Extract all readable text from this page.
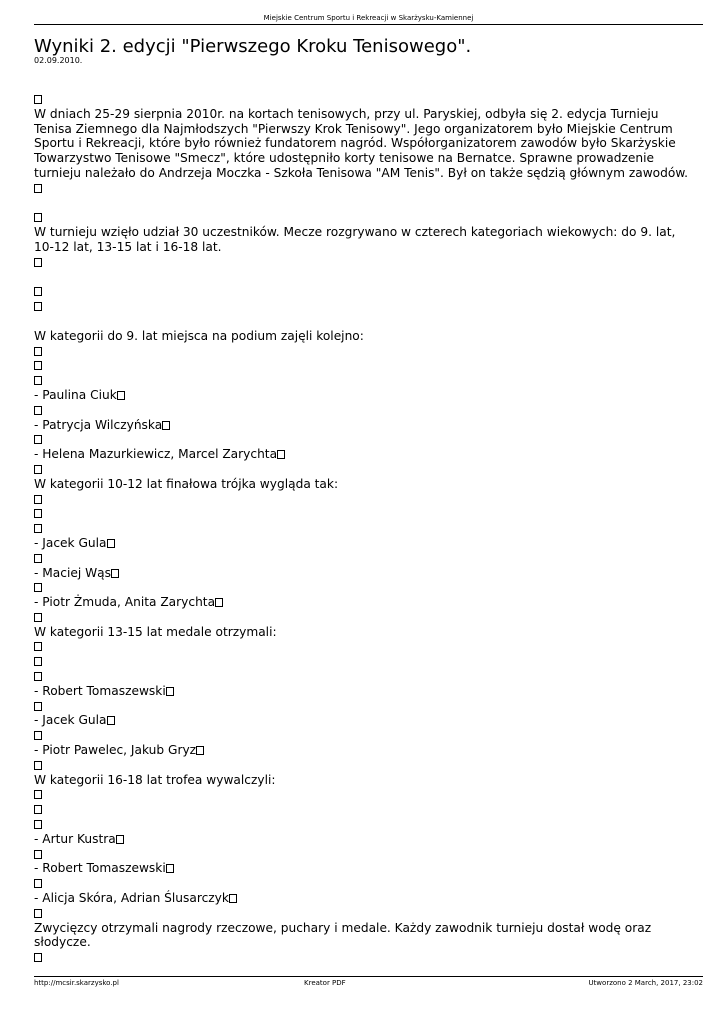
Miejskie Centrum Sportu i Rekreacji w Skarżysku-Kamiennej
Wyniki 2. edycji "Pierwszego Kroku Tenisowego".
02.09.2010.
W dniach 25-29 sierpnia 2010r. na kortach tenisowych, przy ul. Paryskiej, odbyła się 2. edycja Turnieju Tenisa Ziemnego dla Najmłodszych "Pierwszy Krok Tenisowy". Jego organizatorem było Miejskie Centrum Sportu i Rekreacji, które było również fundatorem nagród. Współorganizatorem zawodów było Skarżyskie Towarzystwo Tenisowe "Smecz", które udostępniło korty tenisowe na Bernatce. Sprawne prowadzenie turnieju należało do Andrzeja Moczka - Szkoła Tenisowa "AM Tenis". Był on także sędzią głównym zawodów.
W turnieju wzięło udział 30 uczestników. Mecze rozgrywano w czterech kategoriach wiekowych: do 9. lat, 10-12 lat, 13-15 lat i 16-18 lat.
W kategorii do 9. lat miejsca na podium zajęli kolejno:
- Paulina Ciuk
- Patrycja Wilczyńska
- Helena Mazurkiewicz, Marcel Zarychta
W kategorii 10-12 lat finałowa trójka wygląda tak:
- Jacek Gula
- Maciej Wąs
- Piotr Żmuda, Anita Zarychta
W kategorii 13-15 lat medale otrzymali:
- Robert Tomaszewski
- Jacek Gula
- Piotr Pawelec, Jakub Gryz
W kategorii 16-18 lat trofea wywalczyli:
- Artur Kustra
- Robert Tomaszewski
- Alicja Skóra, Adrian Ślusarczyk
Zwycięzcy otrzymali nagrody rzeczowe, puchary i medale. Każdy zawodnik turnieju dostał wodę oraz słodycze.
http://mcsir.skarzysko.pl	Kreator PDF	Utworzono 2 March, 2017, 23:02
